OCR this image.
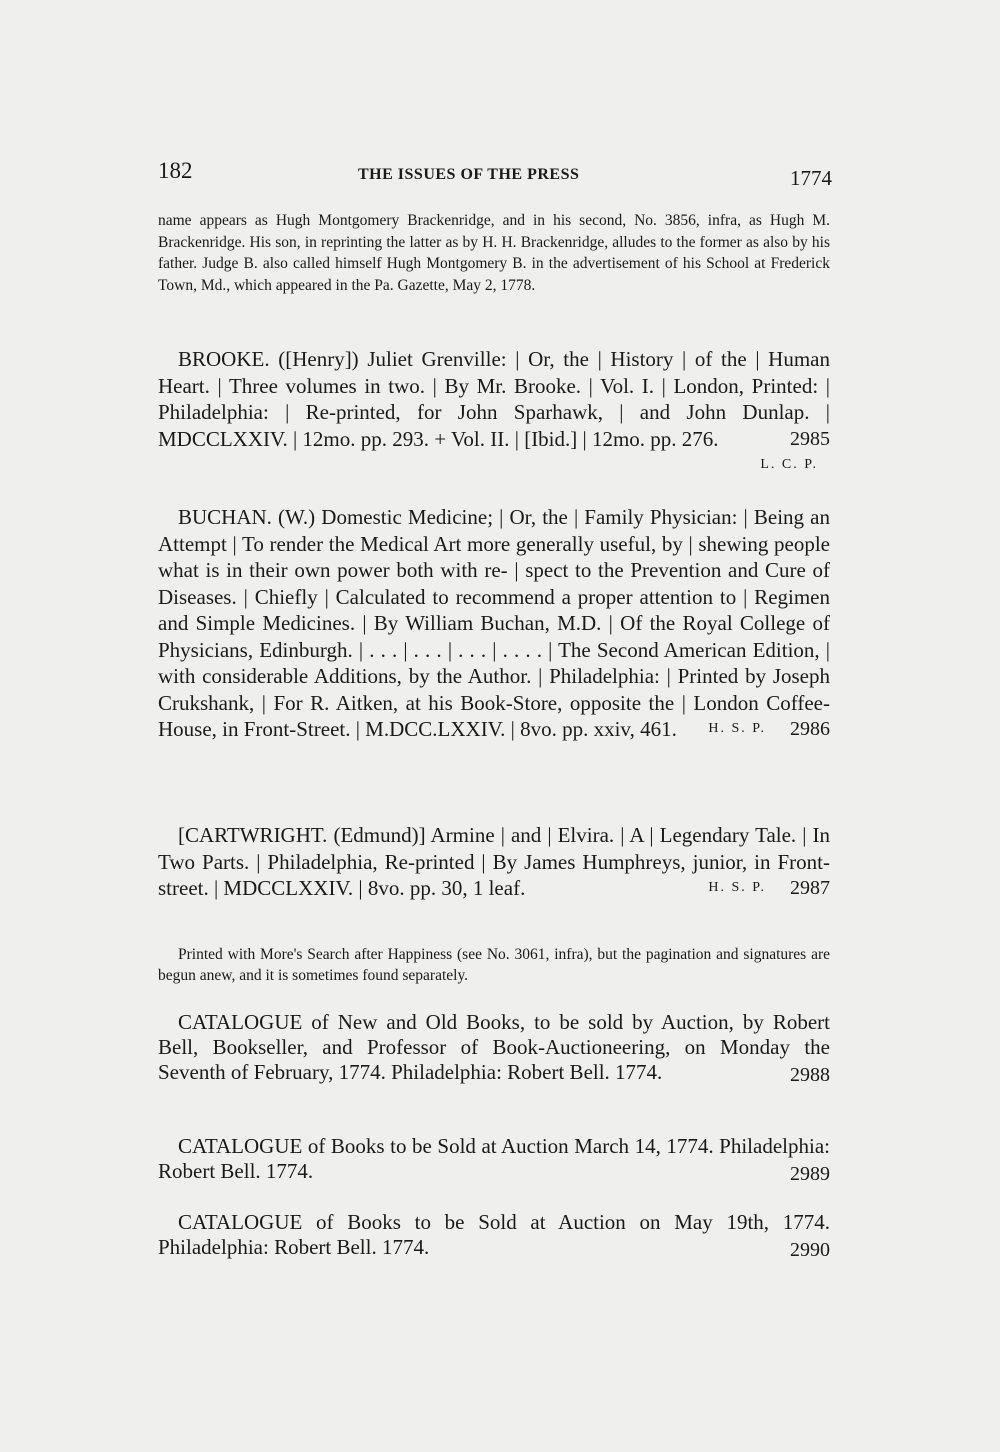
182	THE ISSUES OF THE PRESS	1774
name appears as Hugh Montgomery Brackenridge, and in his second, No. 3856, infra, as Hugh M. Brackenridge. His son, in reprinting the latter as by H. H. Brackenridge, alludes to the former as also by his father. Judge B. also called himself Hugh Montgomery B. in the advertisement of his School at Frederick Town, Md., which appeared in the Pa. Gazette, May 2, 1778.
BROOKE. ([Henry]) Juliet Grenville: | Or, the | History | of the | Human Heart. | Three volumes in two. | By Mr. Brooke. | Vol. I. | London, Printed: | Philadelphia: | Re-printed, for John Sparhawk, | and John Dunlap. | MDCCLXXIV. | 12mo. pp. 293. + Vol. II. | [Ibid.] | 12mo. pp. 276.	2985
L. C. P.
BUCHAN. (W.) Domestic Medicine; | Or, the | Family Physician: | Being an Attempt | To render the Medical Art more generally useful, by | shewing people what is in their own power both with re- | spect to the Prevention and Cure of Diseases. | Chiefly | Calculated to recommend a proper attention to | Regimen and Simple Medicines. | By William Buchan, M.D. | Of the Royal College of Physicians, Edinburgh. | . . . | . . . | . . . | . . . . | The Second American Edition, | with considerable Additions, by the Author. | Philadelphia: | Printed by Joseph Crukshank, | For R. Aitken, at his Book-Store, opposite the | London Coffee-House, in Front-Street. | M.DCC.LXXIV. | 8vo. pp. xxiv, 461.	2986
H. S. P.
[CARTWRIGHT. (Edmund)] Armine | and | Elvira. | A | Legendary Tale. | In Two Parts. | Philadelphia, Re-printed | By James Humphreys, junior, in Front-street. | MDCCLXXIV. | 8vo. pp. 30, 1 leaf.	2987
H. S. P.
Printed with More's Search after Happiness (see No. 3061, infra), but the pagination and signatures are begun anew, and it is sometimes found separately.
CATALOGUE of New and Old Books, to be sold by Auction, by Robert Bell, Bookseller, and Professor of Book-Auctioneering, on Monday the Seventh of February, 1774. Philadelphia: Robert Bell. 1774.	2988
CATALOGUE of Books to be Sold at Auction March 14, 1774. Philadelphia: Robert Bell. 1774.	2989
CATALOGUE of Books to be Sold at Auction on May 19th, 1774. Philadelphia: Robert Bell. 1774.	2990
